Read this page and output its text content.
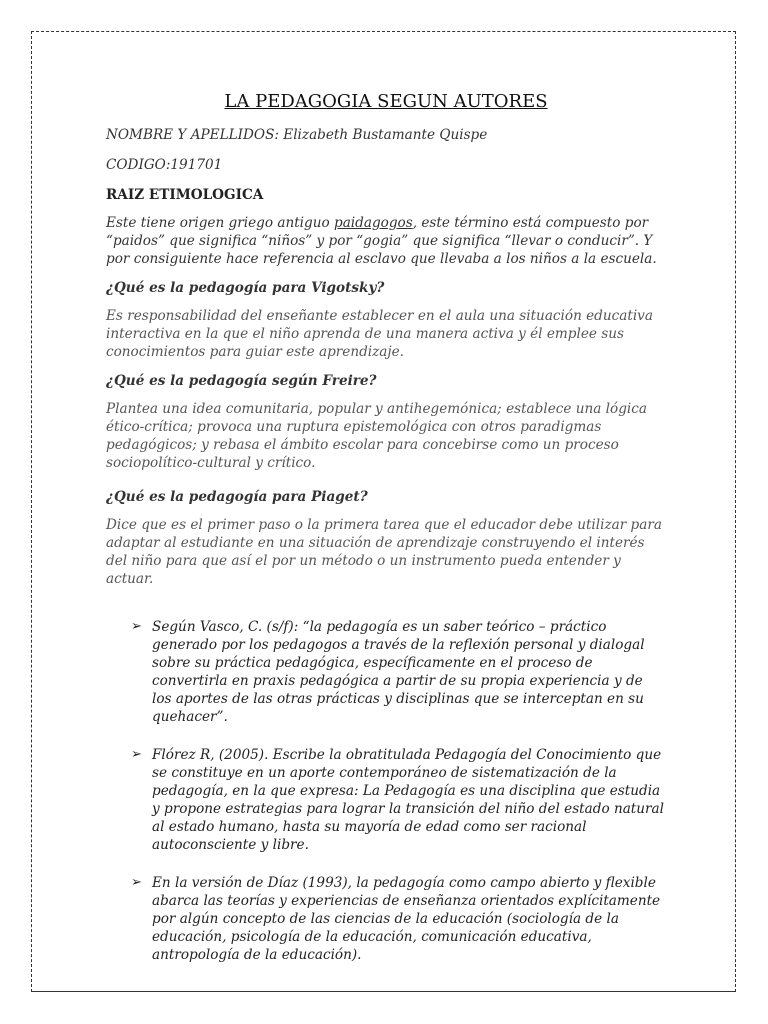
LA PEDAGOGIA SEGUN AUTORES
NOMBRE Y APELLIDOS: Elizabeth Bustamante Quispe
CODIGO:191701
RAIZ ETIMOLOGICA
Este tiene origen griego antiguo paidagogos, este término está compuesto por “paidos” que significa “niños” y por “gogia” que significa “llevar o conducir”. Y por consiguiente hace referencia al esclavo que llevaba a los niños a la escuela.
¿Qué es la pedagogía para Vigotsky?
Es responsabilidad del enseñante establecer en el aula una situación educativa interactiva en la que el niño aprenda de una manera activa y él emplee sus conocimientos para guiar este aprendizaje.
¿Qué es la pedagogía según Freire?
Plantea una idea comunitaria, popular y antihegemónica; establece una lógica ético-crítica; provoca una ruptura epistemológica con otros paradigmas pedagógicos; y rebasa el ámbito escolar para concebirse como un proceso sociopolítico-cultural y crítico.
¿Qué es la pedagogía para Piaget?
Dice que es el primer paso o la primera tarea que el educador debe utilizar para adaptar al estudiante en una situación de aprendizaje construyendo el interés del niño para que así el por un método o un instrumento pueda entender y actuar.
➢ Según Vasco, C. (s/f): “la pedagogía es un saber teórico – práctico generado por los pedagogos a través de la reflexión personal y dialogal sobre su práctica pedagógica, específicamente en el proceso de convertirla en praxis pedagógica a partir de su propia experiencia y de los aportes de las otras prácticas y disciplinas que se interceptan en su quehacer”.
➢ Flórez R, (2005). Escribe la obratitulada Pedagogía del Conocimiento que se constituye en un aporte contemporáneo de sistematización de la pedagogía, en la que expresa: La Pedagogía es una disciplina que estudia y propone estrategias para lograr la transición del niño del estado natural al estado humano, hasta su mayoría de edad como ser racional autoconsciente y libre.
➢ En la versión de Díaz (1993), la pedagogía como campo abierto y flexible abarca las teorías y experiencias de enseñanza orientados explícitamente por algún concepto de las ciencias de la educación (sociología de la educación, psicología de la educación, comunicación educativa, antropología de la educación).
